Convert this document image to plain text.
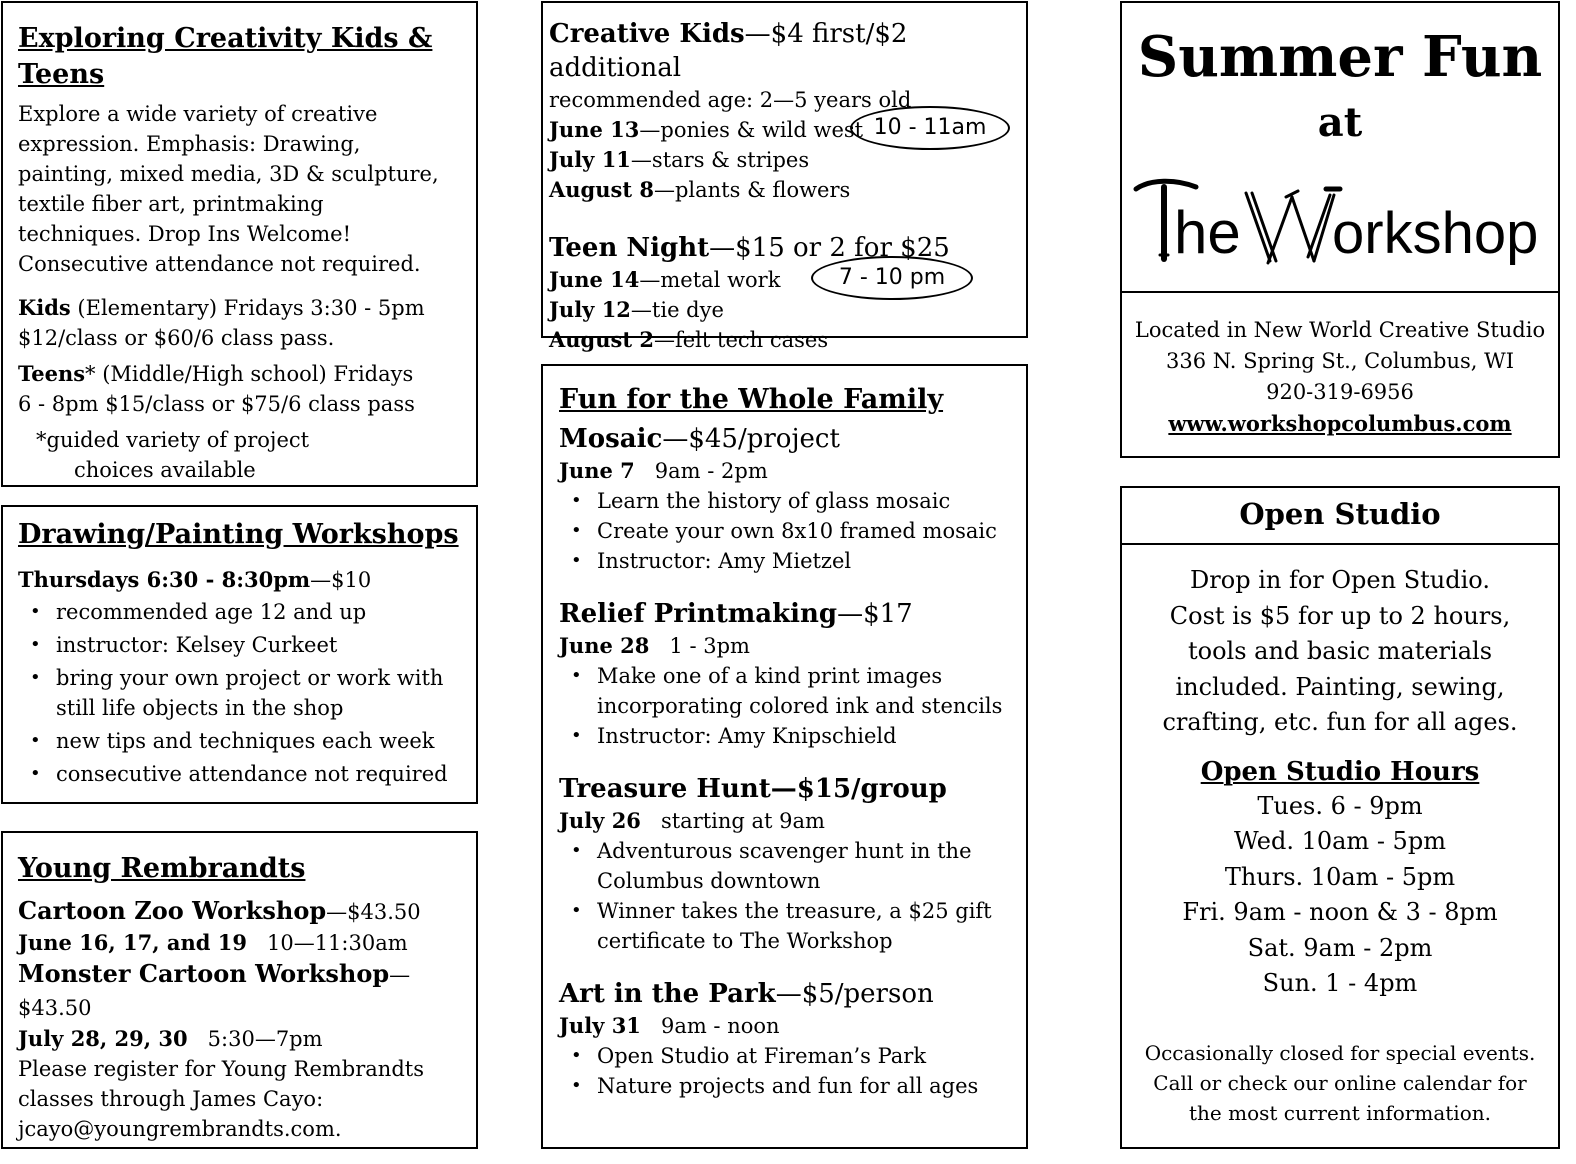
Exploring Creativity Kids & Teens
Explore a wide variety of creative
expression. Emphasis: Drawing,
painting, mixed media, 3D & sculpture,
textile fiber art, printmaking
techniques. Drop Ins Welcome!
Consecutive attendance not required.
Kids (Elementary) Fridays 3:30 - 5pm
$12/class or $60/6 class pass.
Teens* (Middle/High school) Fridays
6 - 8pm $15/class or $75/6 class pass
*guided variety of project
choices available
Drawing/Painting Workshops
Thursdays 6:30 - 8:30pm—$10
• recommended age 12 and up
• instructor: Kelsey Curkeet
• bring your own project or work with still life objects in the shop
• new tips and techniques each week
• consecutive attendance not required
Young Rembrandts
Cartoon Zoo Workshop—$43.50
June 16, 17, and 19 10—11:30am
Monster Cartoon Workshop—$43.50
July 28, 29, 30 5:30—7pm
Please register for Young Rembrandts
classes through James Cayo:
jcayo@youngrembrandts.com.
Creative Kids—$4 first/$2 additional
recommended age: 2—5 years old
June 13—ponies & wild west
July 11—stars & stripes
August 8—plants & flowers
Teen Night—$15 or 2 for $25
June 14—metal work
July 12—tie dye
August 2—felt tech cases
10 - 11am
7 - 10 pm
Fun for the Whole Family
Mosaic—$45/project
June 7 9am - 2pm
• Learn the history of glass mosaic
• Create your own 8x10 framed mosaic
• Instructor: Amy Mietzel
Relief Printmaking—$17
June 28 1 - 3pm
• Make one of a kind print images incorporating colored ink and stencils
• Instructor: Amy Knipschield
Treasure Hunt—$15/group
July 26 starting at 9am
• Adventurous scavenger hunt in the Columbus downtown
• Winner takes the treasure, a $25 gift certificate to The Workshop
Art in the Park—$5/person
July 31 9am - noon
• Open Studio at Fireman’s Park
• Nature projects and fun for all ages
Summer Fun
at
he orkshop
Located in New World Creative Studio
336 N. Spring St., Columbus, WI
920-319-6956
www.workshopcolumbus.com
Open Studio
Drop in for Open Studio.
Cost is $5 for up to 2 hours,
tools and basic materials
included. Painting, sewing,
crafting, etc. fun for all ages.
Open Studio Hours
Tues. 6 - 9pm
Wed. 10am - 5pm
Thurs. 10am - 5pm
Fri. 9am - noon & 3 - 8pm
Sat. 9am - 2pm
Sun. 1 - 4pm
Occasionally closed for special events.
Call or check our online calendar for
the most current information.
